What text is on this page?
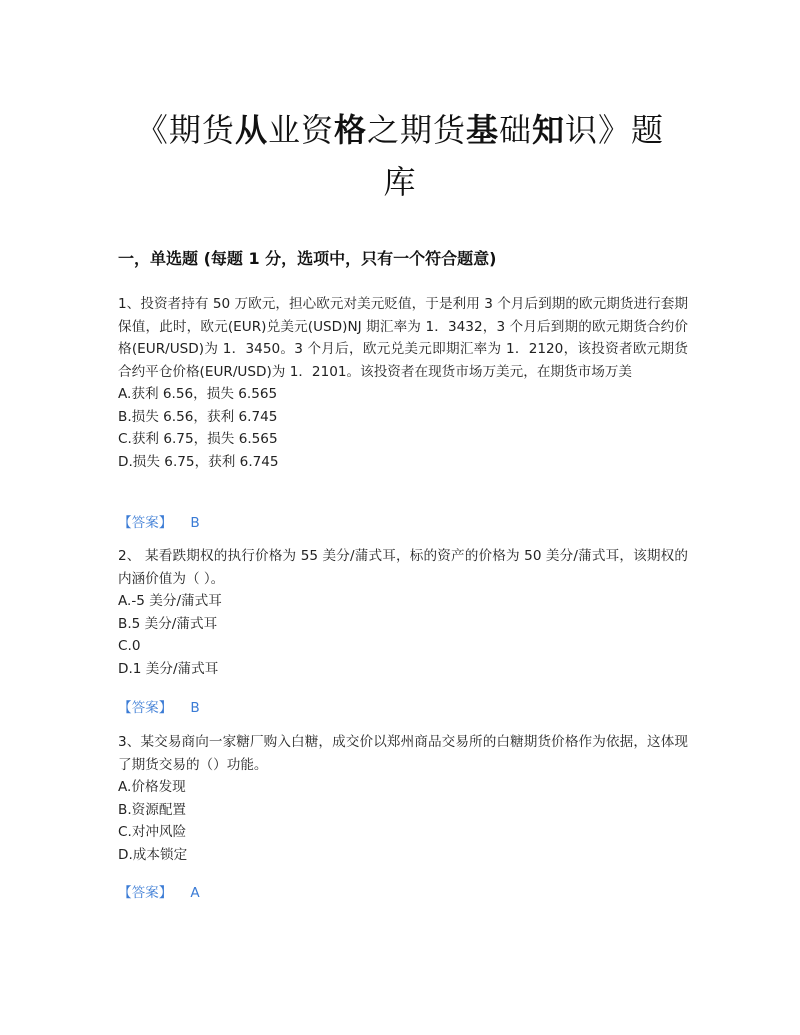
《期货从业资格之期货基础知识》题
库
一，单选题 (每题 1 分，选项中，只有一个符合题意)
1、投资者持有 50 万欧元，担心欧元对美元贬值，于是利用 3 个月后到期的欧元期货进行套期保值，此时，欧元(EUR)兑美元(USD)NJ 期汇率为 1．3432，3 个月后到期的欧元期货合约价格(EUR/USD)为 1．3450。3 个月后，欧元兑美元即期汇率为 1．2120，该投资者欧元期货合约平仓价格(EUR/USD)为 1．2101。该投资者在现货市场万美元，在期货市场万美
A.获利 6.56，损失 6.565
B.损失 6.56，获利 6.745
C.获利 6.75，损失 6.565
D.损失 6.75，获利 6.745
【答案】 B
2、 某看跌期权的执行价格为 55 美分/蒲式耳，标的资产的价格为 50 美分/蒲式耳，该期权的内涵价值为（ ）。
A.-5 美分/蒲式耳
B.5 美分/蒲式耳
C.0
D.1 美分/蒲式耳
【答案】 B
3、某交易商向一家糖厂购入白糖，成交价以郑州商品交易所的白糖期货价格作为依据，这体现了期货交易的（）功能。
A.价格发现
B.资源配置
C.对冲风险
D.成本锁定
【答案】 A
